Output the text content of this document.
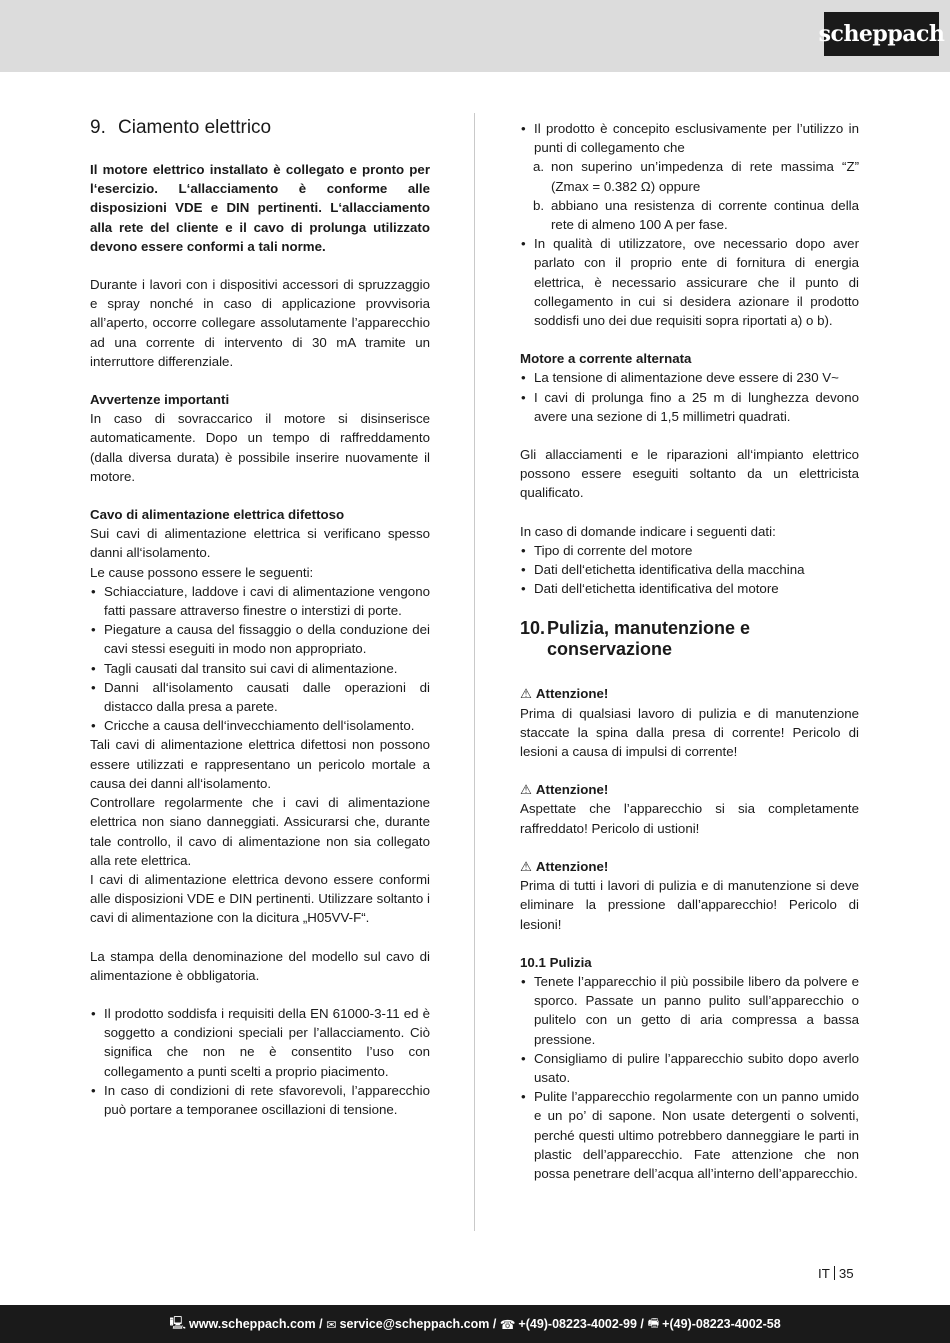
scheppach
9. Ciamento elettrico

Il motore elettrico installato è collegato e pronto per l‘esercizio. L‘allacciamento è conforme alle disposizioni VDE e DIN pertinenti. L‘allacciamento alla rete del cliente e il cavo di prolunga utilizzato devono essere conformi a tali norme.

Durante i lavori con i dispositivi accessori di spruzzaggio e spray nonché in caso di applicazione provvisoria all’aperto, occorre collegare assolutamente l’apparecchio ad una corrente di intervento di 30 mA tramite un interruttore differenziale.

Avvertenze importanti

In caso di sovraccarico il motore si disinserisce automaticamente. Dopo un tempo di raffreddamento (dalla diversa durata) è possibile inserire nuovamente il motore.

Cavo di alimentazione elettrica difettoso

Sui cavi di alimentazione elettrica si verificano spesso danni all‘isolamento.

Le cause possono essere le seguenti:

• Schiacciature, laddove i cavi di alimentazione vengono fatti passare attraverso finestre o interstizi di porte.
• Piegature a causa del fissaggio o della conduzione dei cavi stessi eseguiti in modo non appropriato.
• Tagli causati dal transito sui cavi di alimentazione.
• Danni all‘isolamento causati dalle operazioni di distacco dalla presa a parete.
• Cricche a causa dell‘invecchiamento dell‘isolamento.

Tali cavi di alimentazione elettrica difettosi non possono essere utilizzati e rappresentano un pericolo mortale a causa dei danni all‘isolamento.

Controllare regolarmente che i cavi di alimentazione elettrica non siano danneggiati. Assicurarsi che, durante tale controllo, il cavo di alimentazione non sia collegato alla rete elettrica.

I cavi di alimentazione elettrica devono essere conformi alle disposizioni VDE e DIN pertinenti. Utilizzare soltanto i cavi di alimentazione con la dicitura „H05VV-F“.

La stampa della denominazione del modello sul cavo di alimentazione è obbligatoria.

• Il prodotto soddisfa i requisiti della EN 61000-3-11 ed è soggetto a condizioni speciali per l’allacciamento. Ciò significa che non ne è consentito l’uso con collegamento a punti scelti a proprio piacimento.
• In caso di condizioni di rete sfavorevoli, l’apparecchio può portare a temporanee oscillazioni di tensione.
• Il prodotto è concepito esclusivamente per l’utilizzo in punti di collegamento che
a. non superino un’impedenza di rete massima “Z” (Zmax = 0.382 Ω) oppure
b. abbiano una resistenza di corrente continua della rete di almeno 100 A per fase.
• In qualità di utilizzatore, ove necessario dopo aver parlato con il proprio ente di fornitura di energia elettrica, è necessario assicurare che il punto di collegamento in cui si desidera azionare il prodotto soddisfi uno dei due requisiti sopra riportati a) o b).
Motore a corrente alternata
• La tensione di alimentazione deve essere di 230 V~
• I cavi di prolunga fino a 25 m di lunghezza devono avere una sezione di 1,5 millimetri quadrati.

Gli allacciamenti e le riparazioni all‘impianto elettrico possono essere eseguiti soltanto da un elettricista qualificato.

In caso di domande indicare i seguenti dati:

• Tipo di corrente del motore
• Dati dell‘etichetta identificativa della macchina
• Dati dell‘etichetta identificativa del motore
10. Pulizia, manutenzione e conservazione
⚠ Attenzione!

Prima di qualsiasi lavoro di pulizia e di manutenzione staccate la spina dalla presa di corrente! Pericolo di lesioni a causa di impulsi di corrente!

⚠ Attenzione!

Aspettate che l’apparecchio si sia completamente raffreddato! Pericolo di ustioni!

⚠ Attenzione!

Prima di tutti i lavori di pulizia e di manutenzione si deve eliminare la pressione dall’apparecchio! Pericolo di lesioni!

10.1 Pulizia
• Tenete l’apparecchio il più possibile libero da polvere e sporco. Passate un panno pulito sull’apparecchio o pulitelo con un getto di aria compressa a bassa pressione.
• Consigliamo di pulire l’apparecchio subito dopo averlo usato.
• Pulite l’apparecchio regolarmente con un panno umido e un po’ di sapone. Non usate detergenti o solventi, perché questi ultimo potrebbero danneggiare le parti in plastic dell’apparecchio. Fate attenzione che non possa penetrare dell’acqua all’interno dell’apparecchio.
IT 35
🖳 www.scheppach.com
/
✉ service@scheppach.com
/
☎ +(49)-08223-4002-99
/
🖷 +(49)-08223-4002-58
